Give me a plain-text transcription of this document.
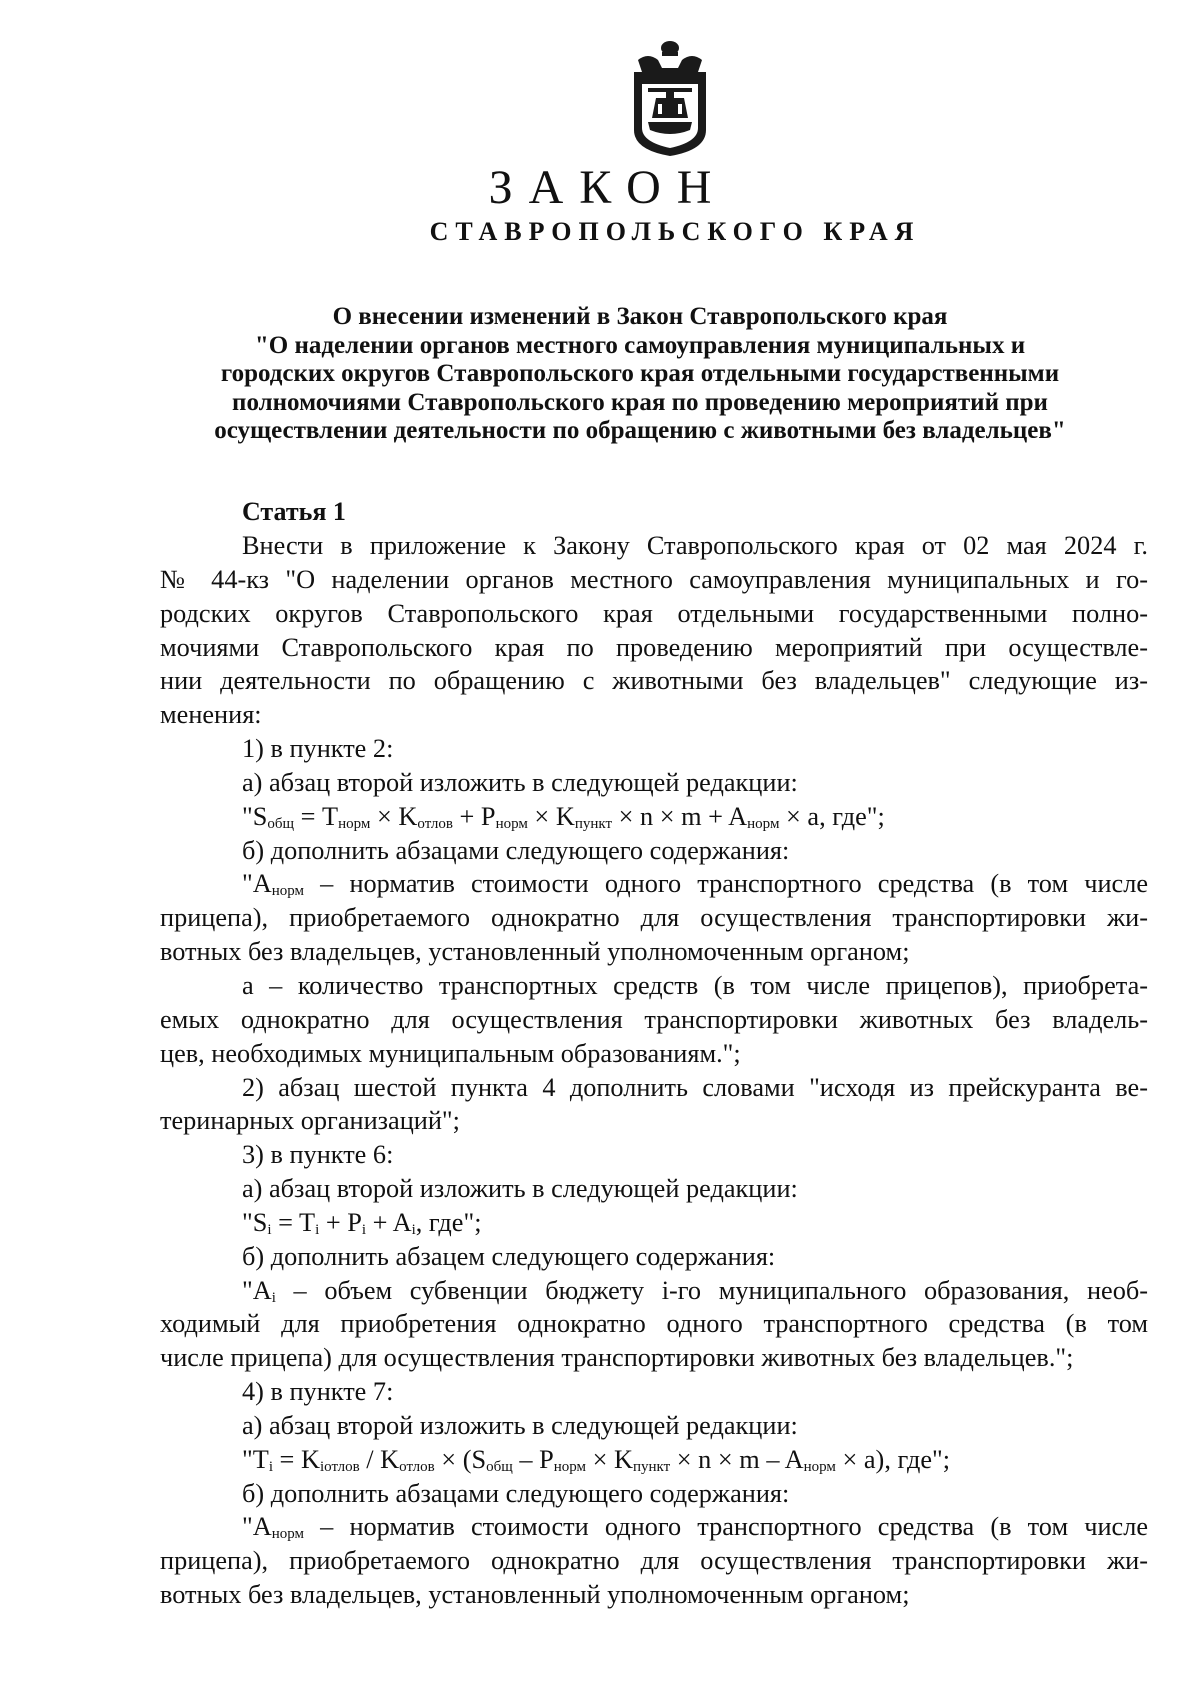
ЗАКОН
СТАВРОПОЛЬСКОГО КРАЯ
О внесении изменений в Закон Ставропольского края
"О наделении органов местного самоуправления муниципальных и
городских округов Ставропольского края отдельными государственными
полномочиями Ставропольского края по проведению мероприятий при
осуществлении деятельности по обращению с животными без владельцев"
Статья 1
Внести в приложение к Закону Ставропольского края от 02 мая 2024 г.
№ 44-кз "О наделении органов местного самоуправления муниципальных и го-
родских округов Ставропольского края отдельными государственными полно-
мочиями Ставропольского края по проведению мероприятий при осуществле-
нии деятельности по обращению с животными без владельцев" следующие из-
менения:
1) в пункте 2:
а) абзац второй изложить в следующей редакции:
"$S_{общ} = T_{норм} \times K_{отлов} + P_{норм} \times K_{пункт} \times n \times m + A_{норм} \times a$, где";
б) дополнить абзацами следующего содержания:
"$A_{норм}$ – норматив стоимости одного транспортного средства (в том числе
прицепа), приобретаемого однократно для осуществления транспортировки жи-
вотных без владельцев, установленный уполномоченным органом;
а – количество транспортных средств (в том числе прицепов), приобрета-
емых однократно для осуществления транспортировки животных без владель-
цев, необходимых муниципальным образованиям.";
2) абзац шестой пункта 4 дополнить словами "исходя из прейскуранта ве-
теринарных организаций";
3) в пункте 6:
а) абзац второй изложить в следующей редакции:
"$S_i = T_i + P_i + A_i$, где";
б) дополнить абзацем следующего содержания:
"$A_i$ – объем субвенции бюджету i-го муниципального образования, необ-
ходимый для приобретения однократно одного транспортного средства (в том
числе прицепа) для осуществления транспортировки животных без владельцев.";
4) в пункте 7:
а) абзац второй изложить в следующей редакции:
"$T_i = K_{iотлов} / K_{отлов} \times (S_{общ} - P_{норм} \times K_{пункт} \times n \times m - A_{норм} \times a)$, где";
б) дополнить абзацами следующего содержания:
"$A_{норм}$ – норматив стоимости одного транспортного средства (в том числе
прицепа), приобретаемого однократно для осуществления транспортировки жи-
вотных без владельцев, установленный уполномоченным органом;
